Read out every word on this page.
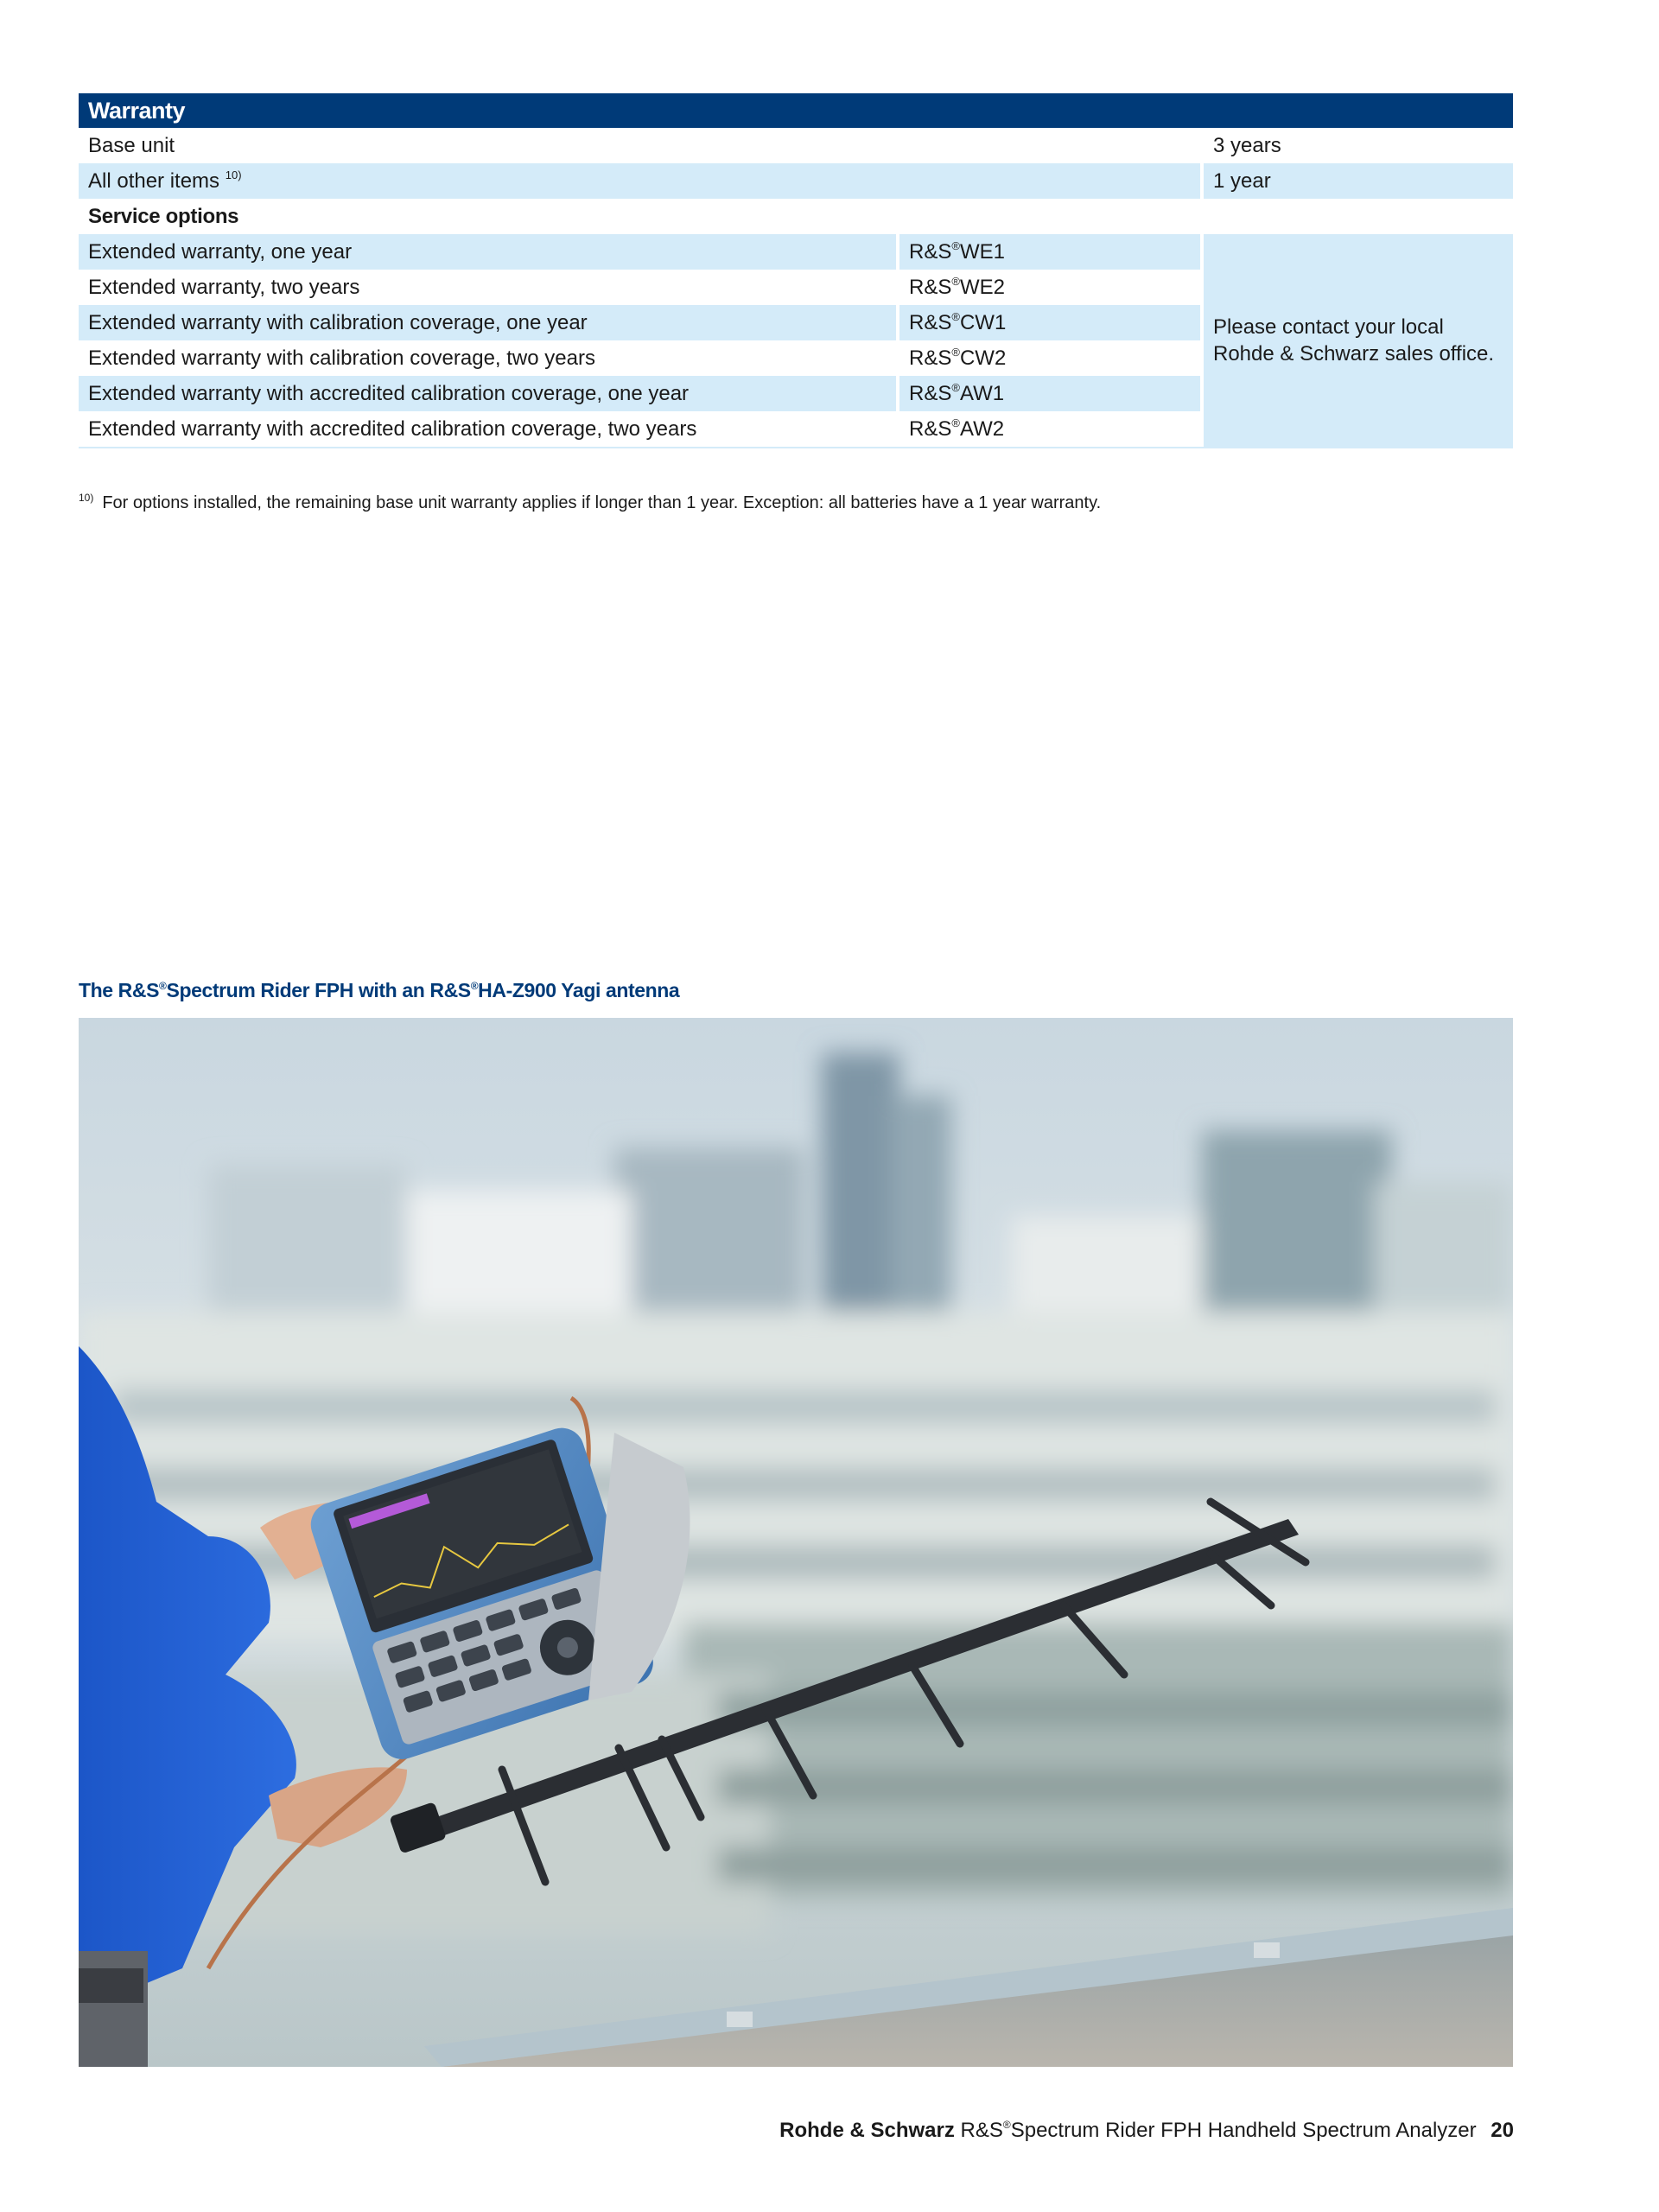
Warranty
Base unit	3 years
All other items $^{10)}$	1 year
Service options
Extended warranty, one year	R&S®WE1
Extended warranty, two years	R&S®WE2
Extended warranty with calibration coverage, one year	R&S®CW1
Extended warranty with calibration coverage, two years	R&S®CW2
Extended warranty with accredited calibration coverage, one year	R&S®AW1
Extended warranty with accredited calibration coverage, two years	R&S®AW2
Please contact your local
Rohde & Schwarz sales office.
$^{10)}$ For options installed, the remaining base unit warranty applies if longer than 1 year. Exception: all batteries have a 1 year warranty.
The R&S®Spectrum Rider FPH with an R&S®HA-Z900 Yagi antenna
Rohde & Schwarz R&S®Spectrum Rider FPH Handheld Spectrum Analyzer 20
